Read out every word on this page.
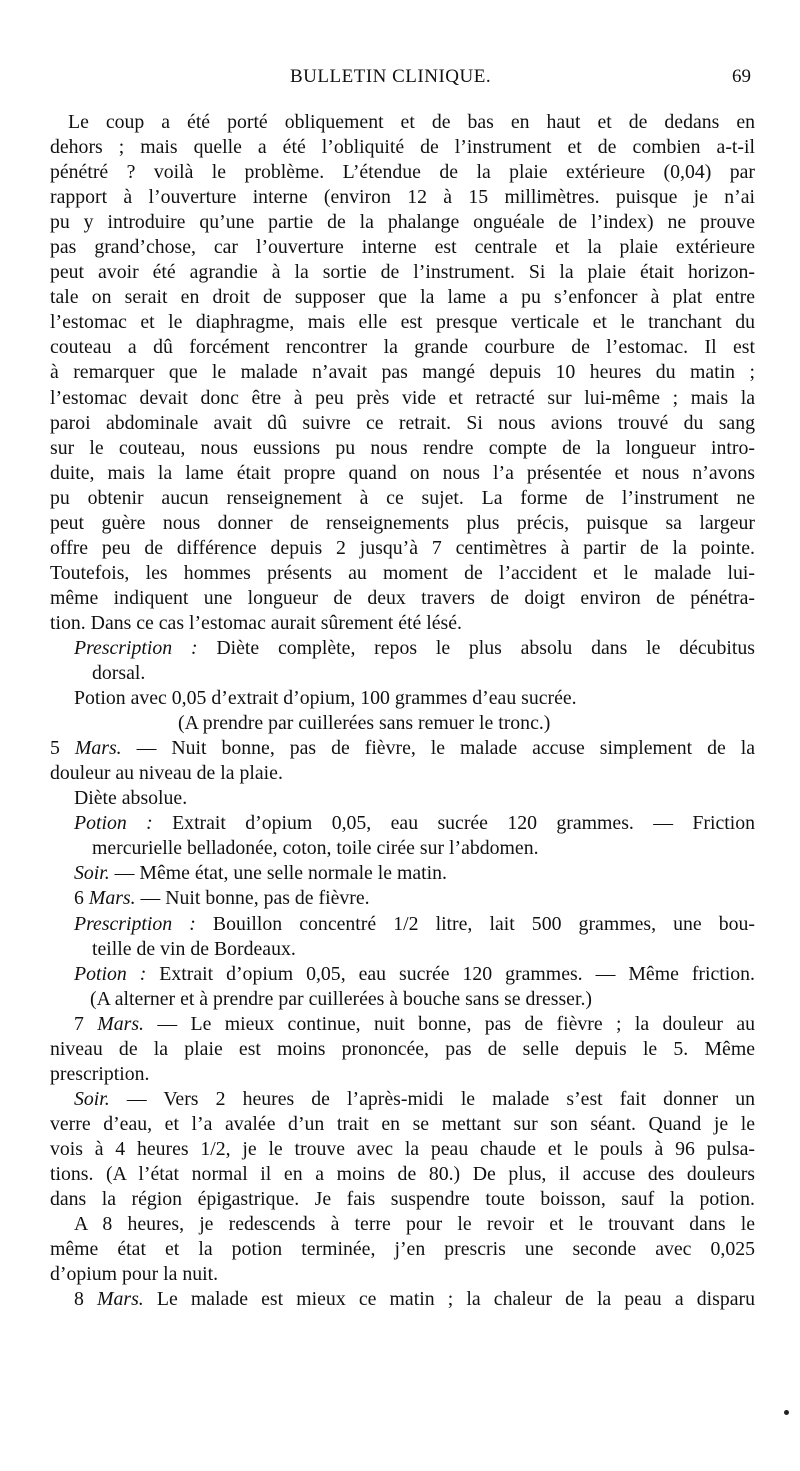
BULLETIN CLINIQUE.	69

Le coup a été porté obliquement et de bas en haut et de dedans en

dehors ; mais quelle a été l’obliquité de l’instrument et de combien a-t-il

pénétré ? voilà le problème. L’étendue de la plaie extérieure (0,04) par

rapport à l’ouverture interne (environ 12 à 15 millimètres. puisque je n’ai

pu y introduire qu’une partie de la phalange onguéale de l’index) ne prouve

pas grand’chose, car l’ouverture interne est centrale et la plaie extérieure

peut avoir été agrandie à la sortie de l’instrument. Si la plaie était horizon-

tale on serait en droit de supposer que la lame a pu s’enfoncer à plat entre

l’estomac et le diaphragme, mais elle est presque verticale et le tranchant du

couteau a dû forcément rencontrer la grande courbure de l’estomac. Il est

à remarquer que le malade n’avait pas mangé depuis 10 heures du matin ;

l’estomac devait donc être à peu près vide et retracté sur lui-même ; mais la

paroi abdominale avait dû suivre ce retrait. Si nous avions trouvé du sang

sur le couteau, nous eussions pu nous rendre compte de la longueur intro-

duite, mais la lame était propre quand on nous l’a présentée et nous n’avons

pu obtenir aucun renseignement à ce sujet. La forme de l’instrument ne

peut guère nous donner de renseignements plus précis, puisque sa largeur

offre peu de différence depuis 2 jusqu’à 7 centimètres à partir de la pointe.

Toutefois, les hommes présents au moment de l’accident et le malade lui-

même indiquent une longueur de deux travers de doigt environ de pénétra-

tion. Dans ce cas l’estomac aurait sûrement été lésé.

Prescription : Diète complète, repos le plus absolu dans le décubitus

dorsal.

Potion avec 0,05 d’extrait d’opium, 100 grammes d’eau sucrée.

(A prendre par cuillerées sans remuer le tronc.)

5 Mars. — Nuit bonne, pas de fièvre, le malade accuse simplement de la

douleur au niveau de la plaie.

Diète absolue.

Potion : Extrait d’opium 0,05, eau sucrée 120 grammes. — Friction

mercurielle belladonée, coton, toile cirée sur l’abdomen.

Soir. — Même état, une selle normale le matin.

6 Mars. — Nuit bonne, pas de fièvre.

Prescription : Bouillon concentré 1/2 litre, lait 500 grammes, une bou-

teille de vin de Bordeaux.

Potion : Extrait d’opium 0,05, eau sucrée 120 grammes. — Même friction.

(A alterner et à prendre par cuillerées à bouche sans se dresser.)

7 Mars. — Le mieux continue, nuit bonne, pas de fièvre ; la douleur au

niveau de la plaie est moins prononcée, pas de selle depuis le 5. Même

prescription.

Soir. — Vers 2 heures de l’après-midi le malade s’est fait donner un

verre d’eau, et l’a avalée d’un trait en se mettant sur son séant. Quand je le

vois à 4 heures 1/2, je le trouve avec la peau chaude et le pouls à 96 pulsa-

tions. (A l’état normal il en a moins de 80.) De plus, il accuse des douleurs

dans la région épigastrique. Je fais suspendre toute boisson, sauf la potion.

A 8 heures, je redescends à terre pour le revoir et le trouvant dans le

même état et la potion terminée, j’en prescris une seconde avec 0,025

d’opium pour la nuit.

8 Mars. Le malade est mieux ce matin ; la chaleur de la peau a disparu
